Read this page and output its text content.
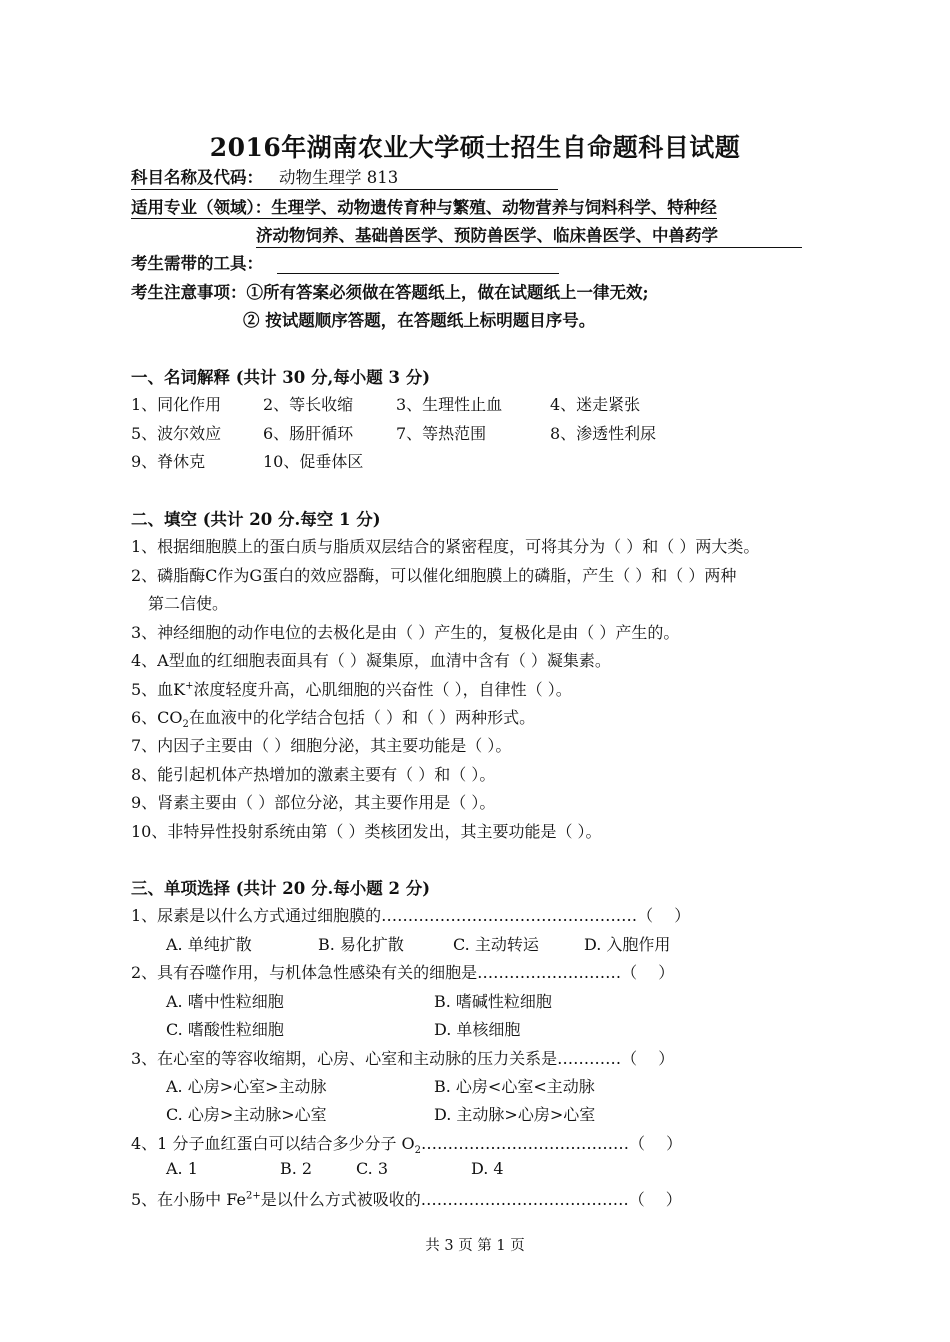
2016年湖南农业大学硕士招生自命题科目试题
科目名称及代码： 动物生理学 813
适用专业（领域）：生理学、动物遗传育种与繁殖、动物营养与饲料科学、特种经
济动物饲养、基础兽医学、预防兽医学、临床兽医学、中兽药学
考生需带的工具：
考生注意事项：①所有答案必须做在答题纸上，做在试题纸上一律无效;
② 按试题顺序答题，在答题纸上标明题目序号。
一、名词解释 (共计 30 分,每小题 3 分)
1、同化作用	2、等长收缩	3、生理性止血	4、迷走紧张
5、波尔效应	6、肠肝循环	7、等热范围	8、渗透性利尿
9、脊休克	10、促垂体区
二、填空 (共计 20 分.每空 1 分)
1、根据细胞膜上的蛋白质与脂质双层结合的紧密程度，可将其分为（ ）和（ ）两大类。
2、磷脂酶C作为G蛋白的效应器酶，可以催化细胞膜上的磷脂，产生（ ）和（ ）两种
第二信使。
3、神经细胞的动作电位的去极化是由（ ）产生的，复极化是由（ ）产生的。
4、A型血的红细胞表面具有（ ）凝集原，血清中含有（ ）凝集素。
5、血K+浓度轻度升高，心肌细胞的兴奋性（ ），自律性（ ）。
6、$CO_2$在血液中的化学结合包括（ ）和（ ）两种形式。
7、内因子主要由（ ）细胞分泌，其主要功能是（ ）。
8、能引起机体产热增加的激素主要有（ ）和（ ）。
9、肾素主要由（ ）部位分泌，其主要作用是（ ）。
10、非特异性投射系统由第（ ）类核团发出，其主要功能是（ ）。
三、单项选择 (共计 20 分.每小题 2 分)
1、尿素是以什么方式通过细胞膜的…………………………………………（　 ）
A. 单纯扩散	B. 易化扩散	C. 主动转运	D. 入胞作用
2、具有吞噬作用，与机体急性感染有关的细胞是………………………（　 ）
A. 嗜中性粒细胞	B. 嗜碱性粒细胞
C. 嗜酸性粒细胞	D. 单核细胞
3、在心室的等容收缩期，心房、心室和主动脉的压力关系是…………（　 ）
A. 心房>心室>主动脉	B. 心房<心室<主动脉
C. 心房>主动脉>心室	D. 主动脉>心房>心室
4、1 分子血红蛋白可以结合多少分子 $O_2\dots\dots\dots\dots\dots\dots\dots\dots\dots\dots\dots\dots\dots$（　 ）
A. 1	B. 2	C. 3	D. 4
5、在小肠中 $Fe^{2+}$是以什么方式被吸收的…………………………………（　 ）
共 3 页 第 1 页
